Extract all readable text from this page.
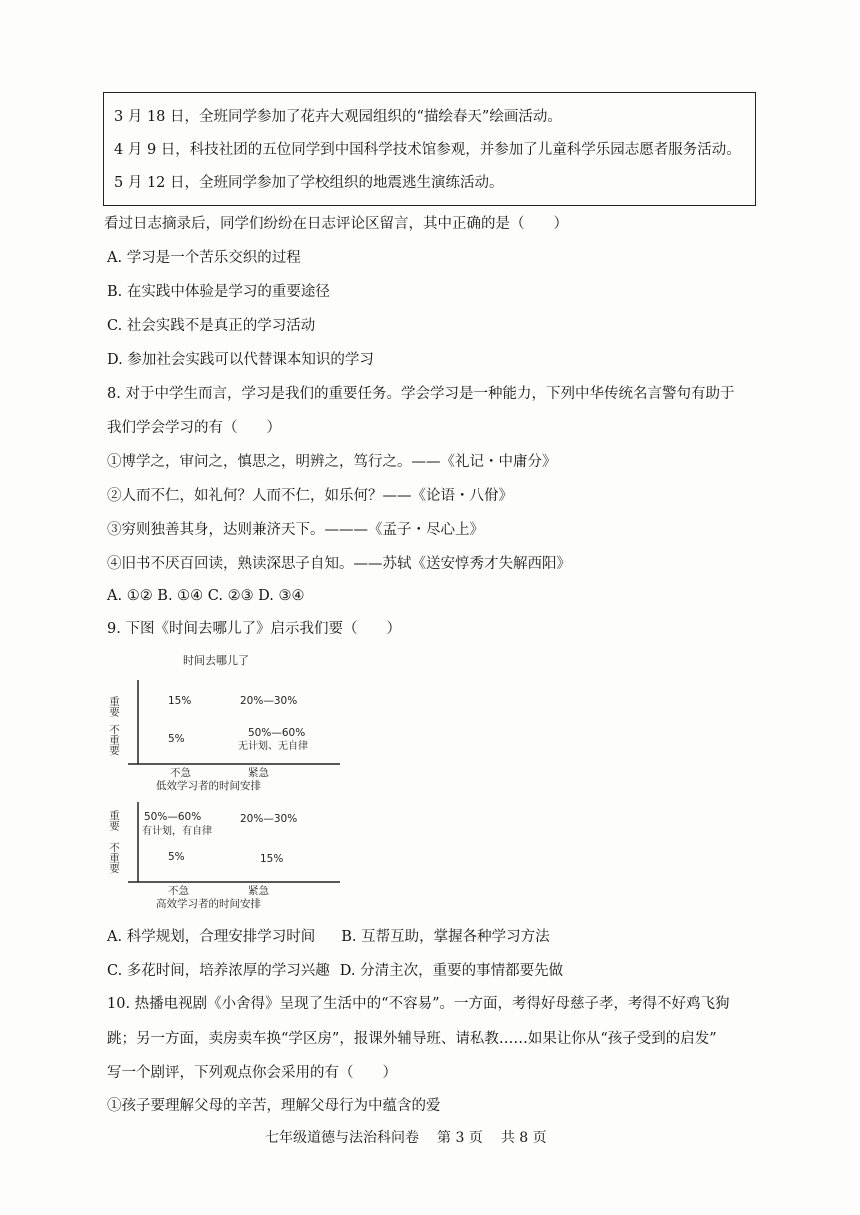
3 月 18 日，全班同学参加了花卉大观园组织的“描绘春天”绘画活动。
4 月 9 日，科技社团的五位同学到中国科学技术馆参观，并参加了儿童科学乐园志愿者服务活动。
5 月 12 日，全班同学参加了学校组织的地震逃生演练活动。
看过日志摘录后，同学们纷纷在日志评论区留言，其中正确的是（　　）
A. 学习是一个苦乐交织的过程
B. 在实践中体验是学习的重要途径
C. 社会实践不是真正的学习活动
D. 参加社会实践可以代替课本知识的学习
8. 对于中学生而言，学习是我们的重要任务。学会学习是一种能力，下列中华传统名言警句有助于
我们学会学习的有（　　）
①博学之，审问之，慎思之，明辨之，笃行之。——《礼记・中庸分》
②人而不仁，如礼何？人而不仁，如乐何？——《论语・八佾》
③穷则独善其身，达则兼济天下。———《孟子・尽心上》
④旧书不厌百回读，熟读深思子自知。——苏轼《送安惇秀才失解西阳》
A. ①② B. ①④ C. ②③ D. ③④
9. 下图《时间去哪儿了》启示我们要（　　）
时间去哪儿了
重要
不重要
15%	20%—30%
5%	50%—60%
无计划、无自律
不急	紧急
低效学习者的时间安排
重要
不重要
50%—60%
有计划，有自律
20%—30%
5%	15%
不急	紧急
高效学习者的时间安排
A. 科学规划，合理安排学习时间 B. 互帮互助，掌握各种学习方法
C. 多花时间，培养浓厚的学习兴趣 D. 分清主次，重要的事情都要先做
10. 热播电视剧《小舍得》呈现了生活中的“不容易”。一方面，考得好母慈子孝，考得不好鸡飞狗
跳；另一方面，卖房卖车换“学区房”，报课外辅导班、请私教……如果让你从“孩子受到的启发”
写一个剧评，下列观点你会采用的有（　　）
①孩子要理解父母的辛苦，理解父母行为中蕴含的爱
七年级道德与法治科问卷 第 3 页 共 8 页
